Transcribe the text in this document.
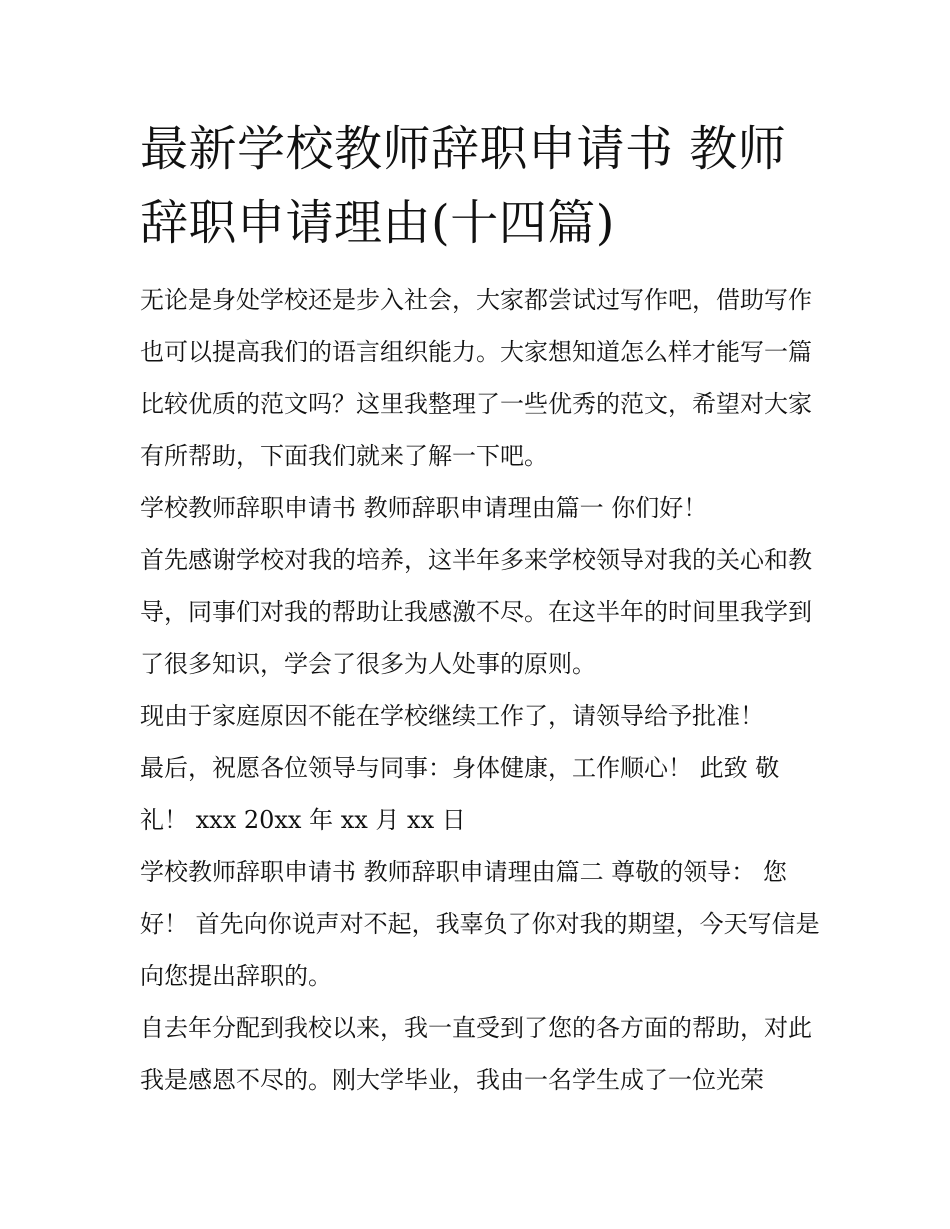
最新学校教师辞职申请书 教师辞职申请理由(十四篇)

无论是身处学校还是步入社会，大家都尝试过写作吧，借助写作也可以提高我们的语言组织能力。大家想知道怎么样才能写一篇比较优质的范文吗？这里我整理了一些优秀的范文，希望对大家有所帮助，下面我们就来了解一下吧。

学校教师辞职申请书 教师辞职申请理由篇一 你们好！

首先感谢学校对我的培养，这半年多来学校领导对我的关心和教导，同事们对我的帮助让我感激不尽。在这半年的时间里我学到了很多知识，学会了很多为人处事的原则。

现由于家庭原因不能在学校继续工作了，请领导给予批准！

最后，祝愿各位领导与同事：身体健康，工作顺心！ 此致 敬礼！ xxx 20xx 年 xx 月 xx 日

学校教师辞职申请书 教师辞职申请理由篇二 尊敬的领导： 您好！ 首先向你说声对不起，我辜负了你对我的期望，今天写信是向您提出辞职的。

自去年分配到我校以来，我一直受到了您的各方面的帮助，对此我是感恩不尽的。刚大学毕业，我由一名学生成了一位光荣
